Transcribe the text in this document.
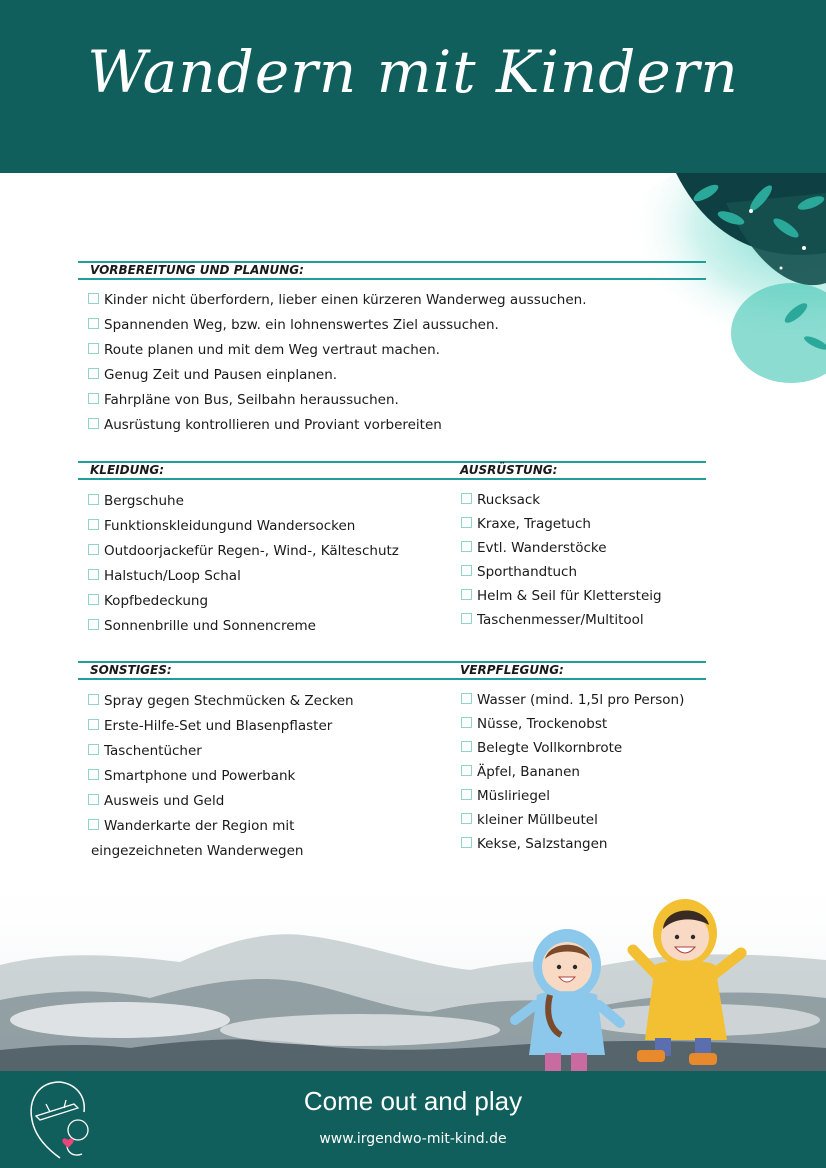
Wandern mit Kindern
VORBEREITUNG UND PLANUNG:
Kinder nicht überfordern, lieber einen kürzeren Wanderweg aussuchen.
Spannenden Weg, bzw. ein lohnenswertes Ziel aussuchen.
Route planen und mit dem Weg vertraut machen.
Genug Zeit und Pausen einplanen.
Fahrpläne von Bus, Seilbahn heraussuchen.
Ausrüstung kontrollieren und Proviant vorbereiten
KLEIDUNG:
Bergschuhe
Funktionskleidungund Wandersocken
Outdoorjackefür Regen-, Wind-, Kälteschutz
Halstuch/Loop Schal
Kopfbedeckung
Sonnenbrille und Sonnencreme
AUSRÜSTUNG:
Rucksack
Kraxe, Tragetuch
Evtl. Wanderstöcke
Sporthandtuch
Helm & Seil für Klettersteig
Taschenmesser/Multitool
SONSTIGES:
Spray gegen Stechmücken & Zecken
Erste-Hilfe-Set und Blasenpflaster
Taschentücher
Smartphone und Powerbank
Ausweis und Geld
Wanderkarte der Region mit
eingezeichneten Wanderwegen
VERPFLEGUNG:
Wasser (mind. 1,5l pro Person)
Nüsse, Trockenobst
Belegte Vollkornbrote
Äpfel, Bananen
Müsliriegel
kleiner Müllbeutel
Kekse, Salzstangen
Come out and play
www.irgendwo-mit-kind.de
